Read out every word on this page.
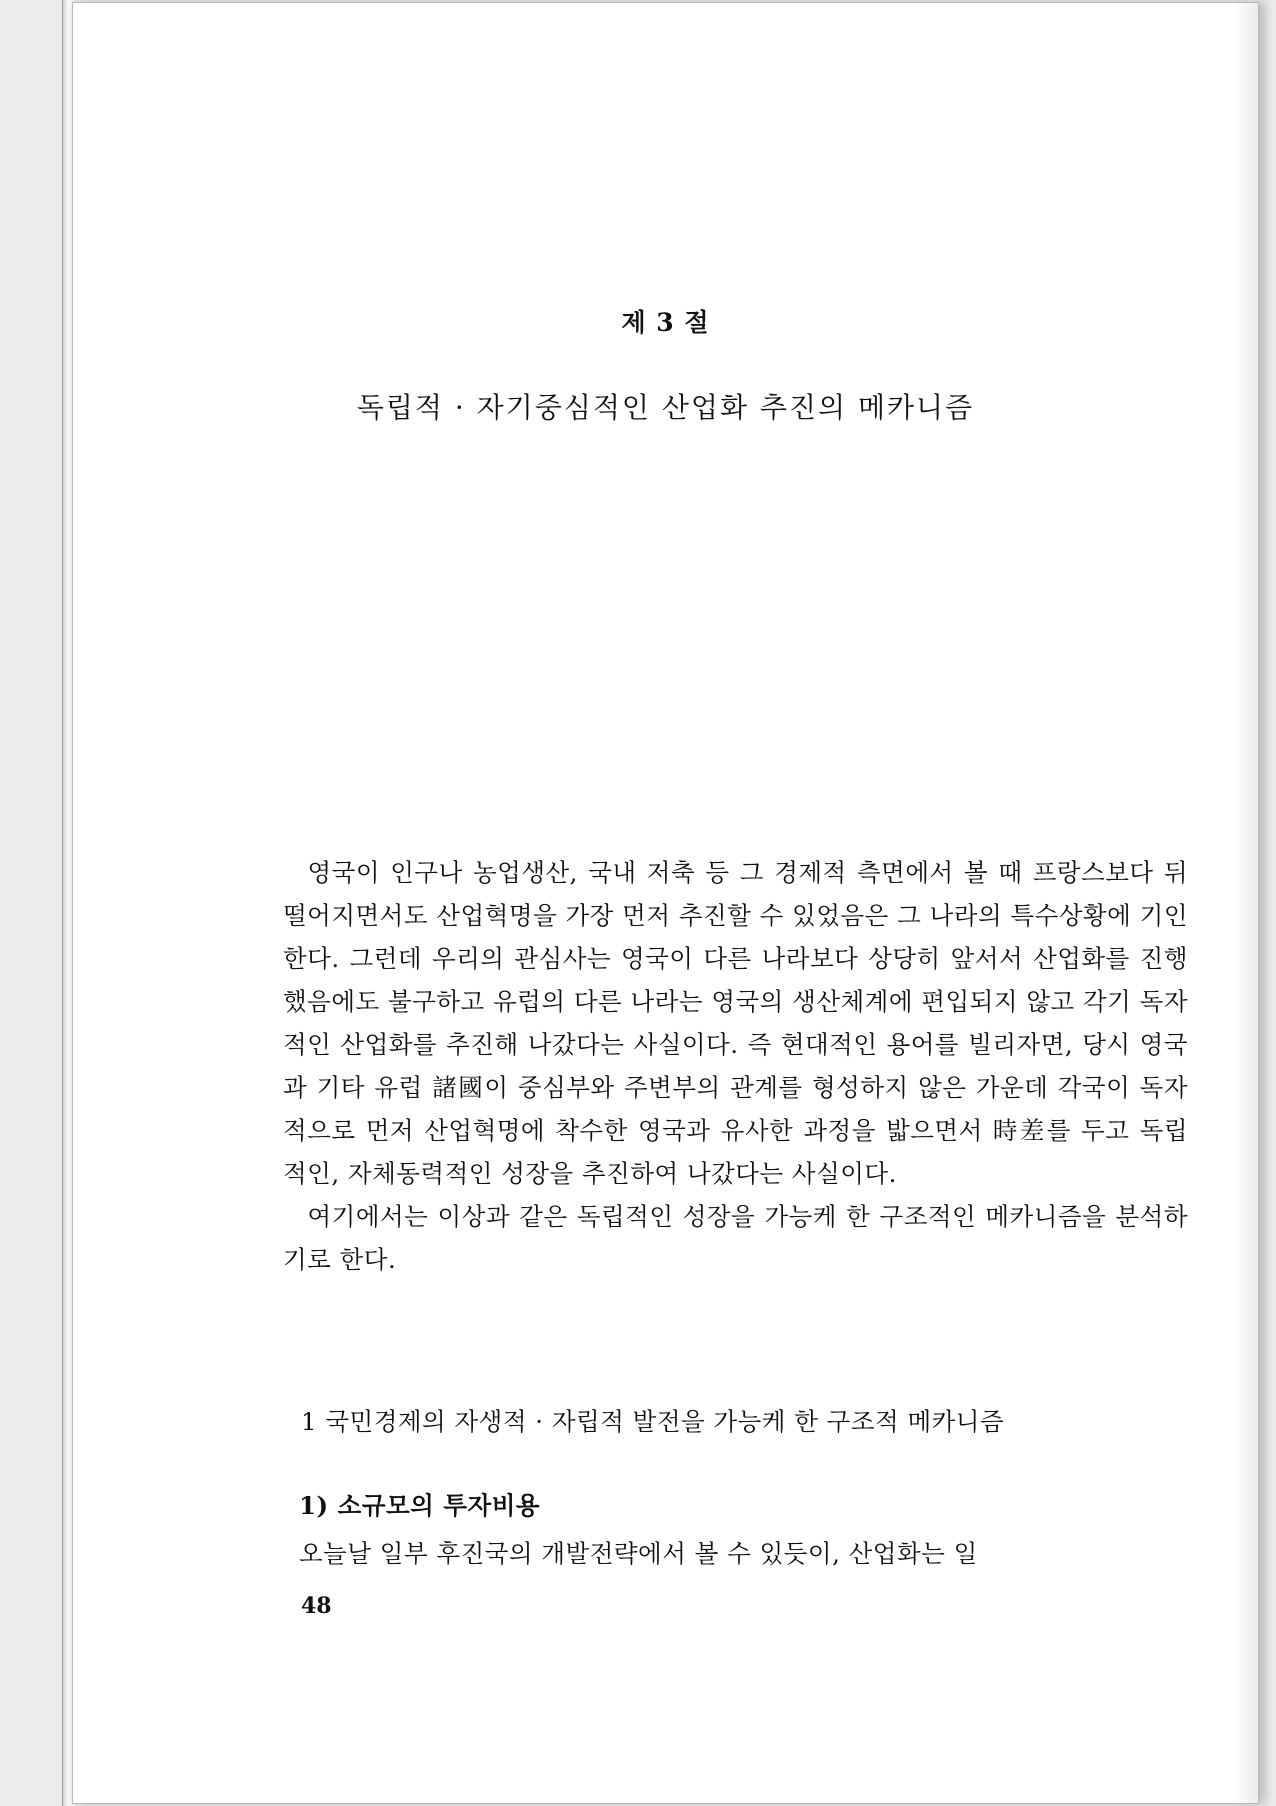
제 3 절
독립적 · 자기중심적인 산업화 추진의 메카니즘

영국이 인구나 농업생산, 국내 저축 등 그 경제적 측면에서 볼 때 프랑스보다 뒤떨어지면서도 산업혁명을 가장 먼저 추진할 수 있었음은 그 나라의 특수상황에 기인한다. 그런데 우리의 관심사는 영국이 다른 나라보다 상당히 앞서서 산업화를 진행했음에도 불구하고 유럽의 다른 나라는 영국의 생산체계에 편입되지 않고 각기 독자적인 산업화를 추진해 나갔다는 사실이다. 즉 현대적인 용어를 빌리자면, 당시 영국과 기타 유럽 諸國이 중심부와 주변부의 관계를 형성하지 않은 가운데 각국이 독자적으로 먼저 산업혁명에 착수한 영국과 유사한 과정을 밟으면서 時差를 두고 독립적인, 자체동력적인 성장을 추진하여 나갔다는 사실이다.

여기에서는 이상과 같은 독립적인 성장을 가능케 한 구조적인 메카니즘을 분석하기로 한다.

1 국민경제의 자생적 · 자립적 발전을 가능케 한 구조적 메카니즘
1) 소규모의 투자비용
오늘날 일부 후진국의 개발전략에서 볼 수 있듯이, 산업화는 일
48
